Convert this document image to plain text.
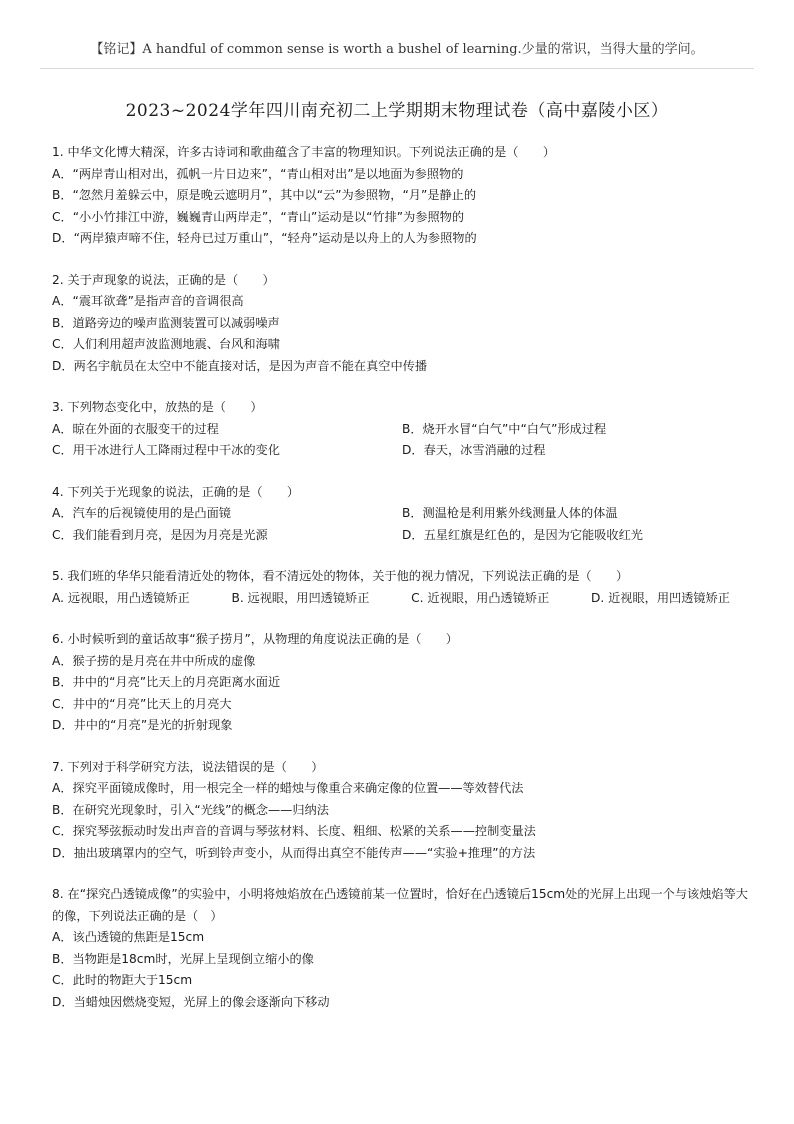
【铭记】A handful of common sense is worth a bushel of learning.少量的常识，当得大量的学问。
2023~2024学年四川南充初二上学期期末物理试卷（高中嘉陵小区）
1. 中华文化博大精深，许多古诗词和歌曲蕴含了丰富的物理知识。下列说法正确的是（　　）
A．“两岸青山相对出，孤帆一片日边来”，“青山相对出”是以地面为参照物的
B．“忽然月羞躲云中，原是晚云遮明月”，其中以“云”为参照物，“月”是静止的
C．“小小竹排江中游，巍巍青山两岸走”，“青山”运动是以“竹排”为参照物的
D．“两岸猿声啼不住，轻舟已过万重山”，“轻舟”运动是以舟上的人为参照物的
2. 关于声现象的说法，正确的是（　　）
A．“震耳欲聋”是指声音的音调很高
B．道路旁边的噪声监测装置可以减弱噪声
C．人们利用超声波监测地震、台风和海啸
D．两名宇航员在太空中不能直接对话，是因为声音不能在真空中传播
3. 下列物态变化中，放热的是（　　）
A．晾在外面的衣服变干的过程	B．烧开水冒“白气”中“白气”形成过程
C．用干冰进行人工降雨过程中干冰的变化	D．春天，冰雪消融的过程
4. 下列关于光现象的说法，正确的是（　　）
A．汽车的后视镜使用的是凸面镜	B．测温枪是利用紫外线测量人体的体温
C．我们能看到月亮，是因为月亮是光源	D．五星红旗是红色的，是因为它能吸收红光
5. 我们班的华华只能看清近处的物体，看不清远处的物体，关于他的视力情况，下列说法正确的是（　　）
A. 远视眼，用凸透镜矫正	B. 远视眼，用凹透镜矫正	C. 近视眼，用凸透镜矫正	D. 近视眼，用凹透镜矫正
6. 小时候听到的童话故事“猴子捞月”，从物理的角度说法正确的是（　　）
A．猴子捞的是月亮在井中所成的虚像
B．井中的“月亮”比天上的月亮距离水面近
C．井中的“月亮”比天上的月亮大
D．井中的“月亮”是光的折射现象
7. 下列对于科学研究方法，说法错误的是（　　）
A．探究平面镜成像时，用一根完全一样的蜡烛与像重合来确定像的位置——等效替代法
B．在研究光现象时，引入“光线”的概念——归纳法
C．探究琴弦振动时发出声音的音调与琴弦材料、长度、粗细、松紧的关系——控制变量法
D．抽出玻璃罩内的空气，听到铃声变小，从而得出真空不能传声——“实验+推理”的方法
8. 在“探究凸透镜成像”的实验中，小明将烛焰放在凸透镜前某一位置时，恰好在凸透镜后15cm处的光屏上出现一个与该烛焰等大的像，下列说法正确的是（　）
A．该凸透镜的焦距是15cm
B．当物距是18cm时，光屏上呈现倒立缩小的像
C．此时的物距大于15cm
D．当蜡烛因燃烧变短，光屏上的像会逐渐向下移动
